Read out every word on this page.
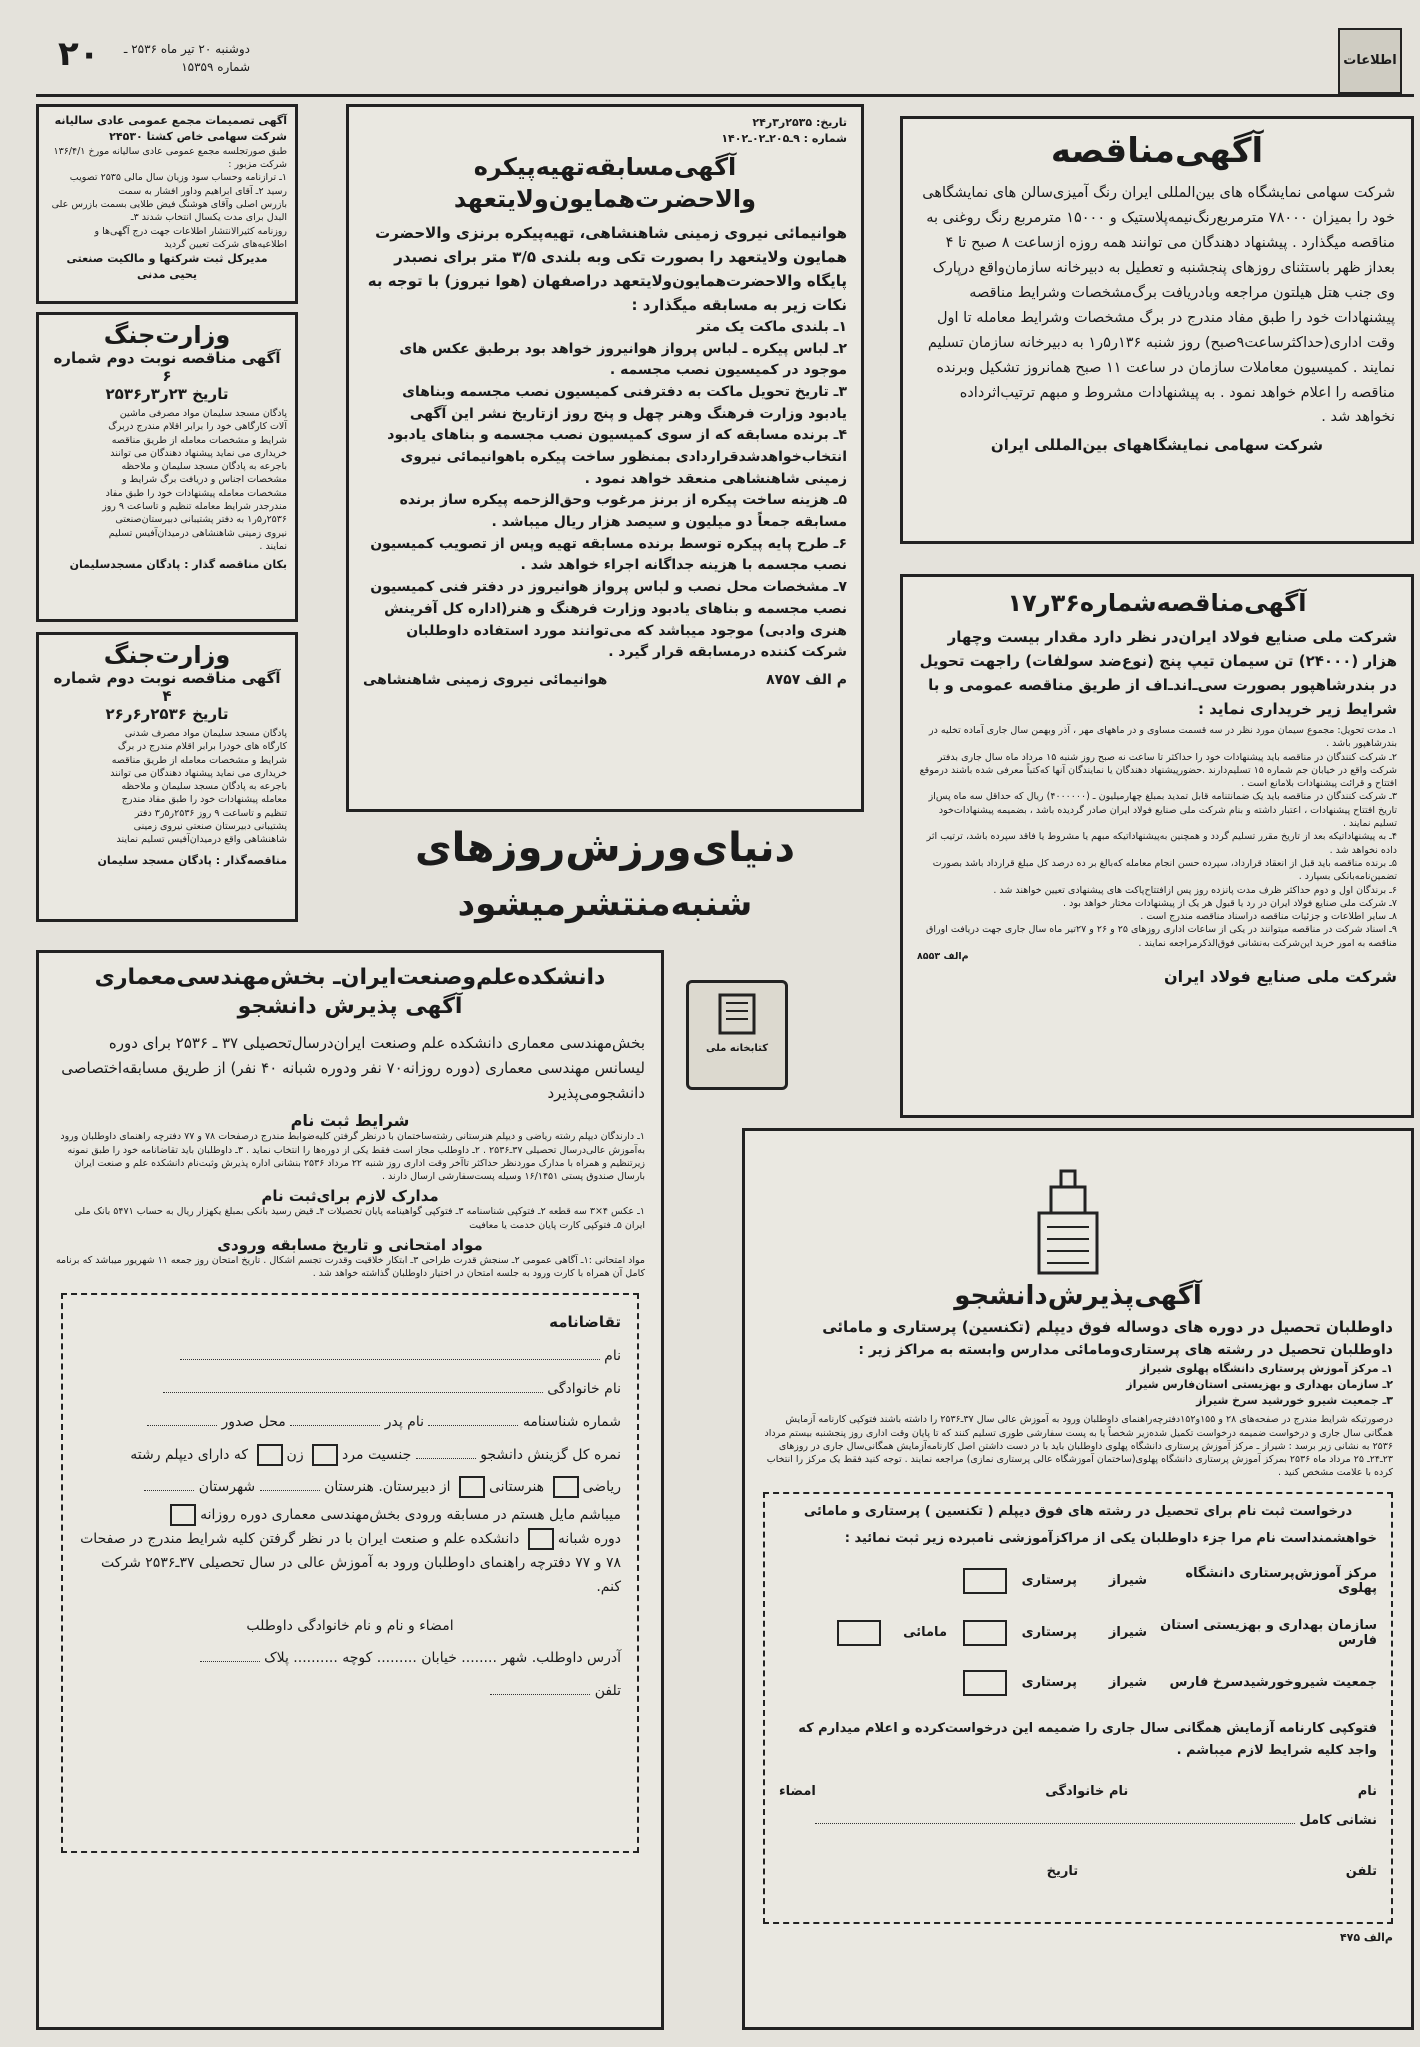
اطلاعات
۲۰	دوشنبه ۲۰ تیر ماه ۲۵۳۶ ـ شماره ۱۵۳۵۹
آگهی تصمیمات مجمع عمومی عادی سالیانه
شرکت سهامی خاص کشتا ۲۴۵۳۰
طبق صورتجلسه مجمع عمومی عادی سالیانه مورخ ۱۳۶/۴/۱ شرکت مزبور :
۱ـ ترازنامه وحساب سود وزیان سال مالی ۲۵۳۵ تصویب رسید ۲ـ آقای ابراهیم وداور افشار به سمت
بازرس اصلی وآقای هوشنگ فیض طلایی بسمت بازرس علی البدل برای مدت یکسال انتخاب شدند ۳ـ
روزنامه کثیرالانتشار اطلاعات جهت درج آگهی‌ها و اطلاعیه‌های شرکت تعیین گردید
مدیرکل ثبت شرکتها و مالکیت صنعتی
یحیی مدنی
وزارت‌جنگ
آگهی مناقصه نوبت دوم شماره ۶
تاریخ ۲۳ر۳ر۲۵۳۶
پادگان مسجد سلیمان مواد مصرفی ماشین
آلات کارگاهی خود را برابر اقلام مندرج دربرگ
شرایط و مشخصات معامله از طریق مناقصه
خریداری می نماید پیشنهاد دهندگان می توانند
باجرعه به پادگان مسجد سلیمان و ملاحظه
مشخصات اجناس و دریافت برگ شرایط و
مشخصات معامله پیشنهادات خود را طبق مفاد
مندرجدر شرایط معامله تنظیم و تاساعت ۹ روز
۲۵۳۶ر۵ر۱ به دفتر پشتیبانی دبیرستان‌صنعتی
نیروی زمینی شاهنشاهی درمیدان‌آفیس تسلیم
نمایند .
بکان مناقصه گذار : پادگان مسجدسلیمان
وزارت‌جنگ
آگهی مناقصه نوبت دوم شماره ۴
تاریخ ۲۵۳۶ر۶ر۲۶
پادگان مسجد سلیمان مواد مصرف شدنی
کارگاه های خودرا برابر اقلام مندرج در برگ
شرایط و مشخصات معامله از طریق مناقصه
خریداری می نماید پیشنهاد دهندگان می توانند
باجرعه به پادگان مسجد سلیمان و ملاحظه
معامله پیشنهادات خود را طبق مفاد مندرج
تنظیم و تاساعت ۹ روز ۲۵۳۶ر۵ر۳ دفتر
پشتیبانی دبیرستان صنعتی نیروی زمینی
شاهنشاهی واقع درمیدان‌آفیس تسلیم نمایند
مناقصه‌گذار : پادگان مسجد سلیمان
تاریخ: ۲۵۳۵ر۳ر۲۴
شماره : ۹ـ۲۰۵ـ۰۲ـ۱۴۰۲
آگهی‌مسابقه‌تهیه‌پیکره
والاحضرت‌همایون‌ولایتعهد
هوانیمائی نیروی زمینی شاهنشاهی، تهیه‌پیکره برنزی والاحضرت همایون ولایتعهد را بصورت تکی وبه بلندی ۳/۵ متر برای نصبدر پایگاه والاحضرت‌همایون‌ولایتعهد دراصفهان (هوا نیروز) با توجه به نکات زیر به مسابقه میگذارد :
۱ـ بلندی ماکت یک متر
۲ـ لباس پیکره ـ لباس پرواز هوانیروز خواهد بود برطبق عکس های موجود در کمیسیون نصب مجسمه .
۳ـ تاریخ تحویل ماکت به دفترفنی کمیسیون نصب مجسمه وبناهای یادبود وزارت فرهنگ وهنر چهل و پنج روز ازتاریخ نشر این آگهی
۴ـ برنده مسابقه که از سوی کمیسیون نصب مجسمه و بناهای یادبود انتخاب‌خواهدشد‌قرارداد‌ی بمنظور ساخت پیکره باهوانیمائی نیروی زمینی شاهنشاهی منعقد خواهد نمود .
۵ـ هزینه ساخت پیکره از برنز مرغوب وحق‌الزحمه پیکره ساز برنده مسابقه جمعاً دو میلیون و سیصد هزار ریال میباشد .
۶ـ طرح پایه پیکره توسط برنده مسابقه تهیه وپس از تصویب کمیسیون نصب مجسمه با هزینه جداگانه اجراء خواهد شد .
۷ـ مشخصات محل نصب و لباس پرواز هوانیروز در دفتر فنی کمیسیون نصب مجسمه و بناهای یادبود وزارت فرهنگ و هنر(اداره کل آفرینش هنری وادبی) موجود میباشد که می‌توانند مورد استفاده داوطلبان شرکت کننده درمسابقه قرار گیرد .
م الف ۸۷۵۷
هوانیمائی نیروی زمینی شاهنشاهی
دنیای‌ورزش‌روزهای
شنبه‌منتشر‌میشود
آگهی‌مناقصه
شرکت سهامی نمایشگاه های بین‌المللی ایران رنگ آمیزی‌سالن های نمایشگاهی خود را بمیزان ۷۸۰۰۰ مترمربع‌رنگ‌نیمه‌پلاستیک و ۱۵۰۰۰ مترمربع رنگ روغنی به مناقصه میگذارد . پیشنهاد دهندگان می توانند همه روزه ازساعت ۸ صبح تا ۴ بعداز ظهر باستثنای روزهای پنجشنبه و تعطیل به دبیرخانه سازمان‌واقع درپارک وی جنب هتل هیلتون مراجعه وبادریافت برگ‌مشخصات وشرایط مناقصه پیشنهادات خود را طبق مفاد مندرج در برگ مشخصات وشرایط معامله تا اول وقت اداری(حداکثرساعت۹صبح) روز شنبه ۱۳۶ر۵ر۱ به دبیرخانه سازمان تسلیم نمایند . کمیسیون معاملات سازمان در ساعت ۱۱ صبح همانروز تشکیل وبرنده مناقصه را اعلام خواهد نمود . به پیشنهادات مشروط و مبهم ترتیب‌اثرداده نخواهد شد .
شرکت سهامی نمایشگاههای بین‌المللی ایران
آگهی‌مناقصه‌شماره‌۳۶ر۱۷
شرکت ملی صنایع فولاد ایران‌در نظر دارد مقدار بیست وچهار هزار (۲۴۰۰۰) تن سیمان تیپ پنج (نوع‌ضد سولفات) را‌جهت تحویل در بندرشاهپور بصورت سی‌ـ‌اند‌ـ‌اف از طریق مناقصه عمومی و با شرایط زیر خریداری نماید :
۱ـ مدت تحویل: مجموع سیمان مورد نظر در سه قسمت مساوی و در ماههای مهر ، آذر وبهمن سال جاری آماده تخلیه در بندرشاهپور باشد .
۲ـ شرکت کنندگان در مناقصه باید پیشنهادات خود را حداکثر تا ساعت نه صبح روز شنبه ۱۵ مرداد ماه سال جاری بدفتر شرکت واقع در خیابان جم شماره ۱۵ تسلیم‌دارند .حضورپیشنهاد دهندگان یا نمایندگان آنها که‌کتباً معرفی شده باشند درموقع افتتاح و قرائت پیشنهادات بلامانع است .
۳ـ شرکت کنندگان در مناقصه باید یک ضمانتنامه قابل تمدید بمبلغ چهارمیلیون ـ (۴۰۰۰۰۰۰) ریال که حداقل سه ماه پس‌از تاریخ افتتاح پیشنهادات ، اعتبار داشته و بنام شرکت ملی صنایع فولاد ایران صادر گردیده باشد ، بضمیمه پیشنهادات‌خود تسلیم نمایند .
۴ـ به پیشنهاداتیکه بعد از تاریخ مقرر تسلیم گردد و همچنین به‌پیشنهاداتیکه مبهم یا مشروط یا فاقد سپرده باشد، ترتیب اثر داده نخواهد شد .
۵ـ برنده مناقصه باید قبل از انعقاد قرارداد، سپرده حسن انجام معامله که‌بالغ بر ده درصد کل مبلغ قرارداد باشد بصورت تضمین‌نامه‌بانکی بسپارد .
۶ـ برندگان اول و دوم حداکثر ظرف مدت پانزده روز پس ازافتتاح‌پاکت های پیشنهادی تعیین خواهند شد .
۷ـ شرکت ملی صنایع فولاد ایران در رد یا قبول هر یک از پیشنهادات‌ مختار خواهد بود .
۸ـ سایر اطلاعات و جزئیات مناقصه دراسناد مناقصه مندرج است .
۹ـ اسناد شرکت در مناقصه میتوانند در یکی از ساعات اداری روزهای ۲۵ و ۲۶ و ۲۷تیر ماه سال جاری جهت دریافت اوراق مناقصه به امور خرید این‌شرکت به‌نشانی فوق‌الذکرمراجعه نمایند .
م‌الف ۸۵۵۳
شرکت ملی صنایع فولاد ایران
دانشکده‌علم‌وصنعت‌ایران‌ـ بخش‌مهندسی‌معماری
آگهی‌ پذیرش دانشجو
بخش‌مهندسی معماری دانشکده علم وصنعت ایران‌درسال‌تحصیلی ۳۷ ـ ۲۵۳۶ برای دوره لیسانس مهندسی معماری (دوره روزانه۷۰ نفر ودوره شبانه ۴۰ نفر) از طریق مسابقه‌اختصاصی دانشجومی‌پذیرد
شرایط ثبت نام
۱ـ دارندگان دیپلم رشته ریاضی و دیپلم هنرستانی رشته‌ساختمان‌ با درنظر گرفتن کلیه‌ضوابط مندرج درصفحات ۷۸ و ۷۷ دفترچه راهنمای داوطلبان ورود به‌آموزش عالی‌درسال تحصیلی ۳۷ـ۲۵۳۶ . ۲ـ داوطلب مجاز است فقط یکی از دوره‌ها را انتخاب نماید . ۳ـ داوطلبان باید تقاضانامه خود را طبق نمونه زیرتنظیم و همراه با مدارک موردنظر حداکثر تاآخر وقت اداری روز شنبه ۲۲ مرداد ۲۵۳۶ بنشانی اداره پذیرش وثبت‌نام دانشکده علم و صنعت ایران بارسال صندوق پستی ۱۶/۱۴۵۱ وسیله پست‌سفارشی ارسال دارند .
مدارک لازم برای‌ثبت نام
۱ـ عکس ۴×۳ سه قطعه ۲ـ فتوکپی شناسنامه ۳ـ فتوکپی گواهینامه پایان تحصیلات ۴ـ قیض رسید بانکی بمبلغ یکهزار ریال به حساب ۵۴۷۱ بانک ملی ایران ۵ـ فتوکپی کارت پایان خدمت یا معافیت
مواد امتحانی و تاریخ مسابقه ورودی
مواد امتحانی :۱ـ آگاهی عمومی ۲ـ سنجش قدرت طراحی ۳ـ ابتکار خلاقیت وقدرت تجسم اشکال . تاریخ امتحان روز جمعه ۱۱ شهریور میباشد که برنامه کامل آن همراه با کارت ورود به جلسه امتحان در اختیار داوطلبان گذاشته خواهد شد .
تقاضانامه
نام
نام خانوادگی
شماره شناسنامه  نام پدر  محل صدور
نمره کل گزینش دانشجو  جنسیت مرد زن که دارای دیپلم رشته
ریاضی هنرستانی از دبیرستان. هنرستان  شهرستان
میباشم مایل هستم در مسابقه ورودی بخش‌مهندسی معماری دوره روزانه
دوره شبانه دانشکده علم و صنعت ایران با در نظر گرفتن کلیه شرایط مندرج در صفحات ۷۸ و ۷۷ دفترچه راهنمای داوطلبان ورود به آموزش عالی در سال تحصیلی ۳۷ـ۲۵۳۶ شرکت کنم.
امضاء و نام و نام خانوادگی داوطلب
آدرس داوطلب. شهر ........ خیابان ......... کوچه .......... پلاک
تلفن
کتابخانه ملی
آگهی‌پذیرش‌دانشجو
داوطلبان تحصیل در دوره های دوساله فوق دیپلم (تکنسین) پرستاری و مامائی
داوطلبان تحصیل در رشته های پرستاری‌ومامائی مدارس وابسته به مراکز زیر :
۱ـ مرکز آموزش پرستاری دانشگاه پهلوی شیراز
۲ـ سازمان بهداری و بهزیستی استان‌فارس شیراز
۳ـ جمعیت شیرو خورشید سرخ شیراز
درصورتیکه شرایط مندرج در صفحه‌های ۲۸ و ۱۵۵و۱۵۲دفترچه‌راهنمای داوطلبان ورود به آموزش عالی سال ۳۷ـ۲۵۳۶ را داشته باشند فتوکپی کارنامه آزمایش همگانی سال جاری و درخواست ضمیمه درخواست تکمیل شده‌زیر شخصاً یا به‌ پست سفارشی طوری تسلیم کنند که تا پایان وقت اداری روز پنجشنبه بیستم مرداد ۲۵۳۶ به نشانی زیر برسد : شیراز ـ مرکز آموزش پرستاری دانشگاه پهلوی داوطلبان باید با در دست داشتن اصل کارنامه‌آزمایش همگانی‌سال جاری در روزهای ۲۳ـ۲۴ـ ۲۵ مرداد ماه ۲۵۳۶ بمرکز آموزش پرستاری دانشگاه پهلوی(ساختمان آموزشگاه عالی پرستاری نمازی) مراجعه نمایند . توجه کنید فقط یک مرکز را انتخاب کرده با علامت مشخص کنید .
درخواست ثبت نام برای تحصیل در رشته های فوق دیپلم ( تکنسین ) پرستاری و مامائی
خواهشمنداست نام مرا جزء داوطلبان یکی از مراکزآموزشی نامبرده زیر ثبت نمائید :
مرکز آموزش‌پرستاری دانشگاه پهلوی
شیراز
پرستاری
سازمان بهداری و بهزیستی استان فارس
شیراز
پرستاری
مامائی
جمعیت شیروخورشید‌سرخ فارس
شیراز
پرستاری
فتوکپی کارنامه آزمایش همگانی سال جاری را ضمیمه این درخواست‌کرده و اعلام میدارم که واجد کلیه شرایط لازم میباشم .
نام
نام خانوادگی
امضاء
نشانی کامل
تلفن
تاریخ
م‌الف ۴۷۵
